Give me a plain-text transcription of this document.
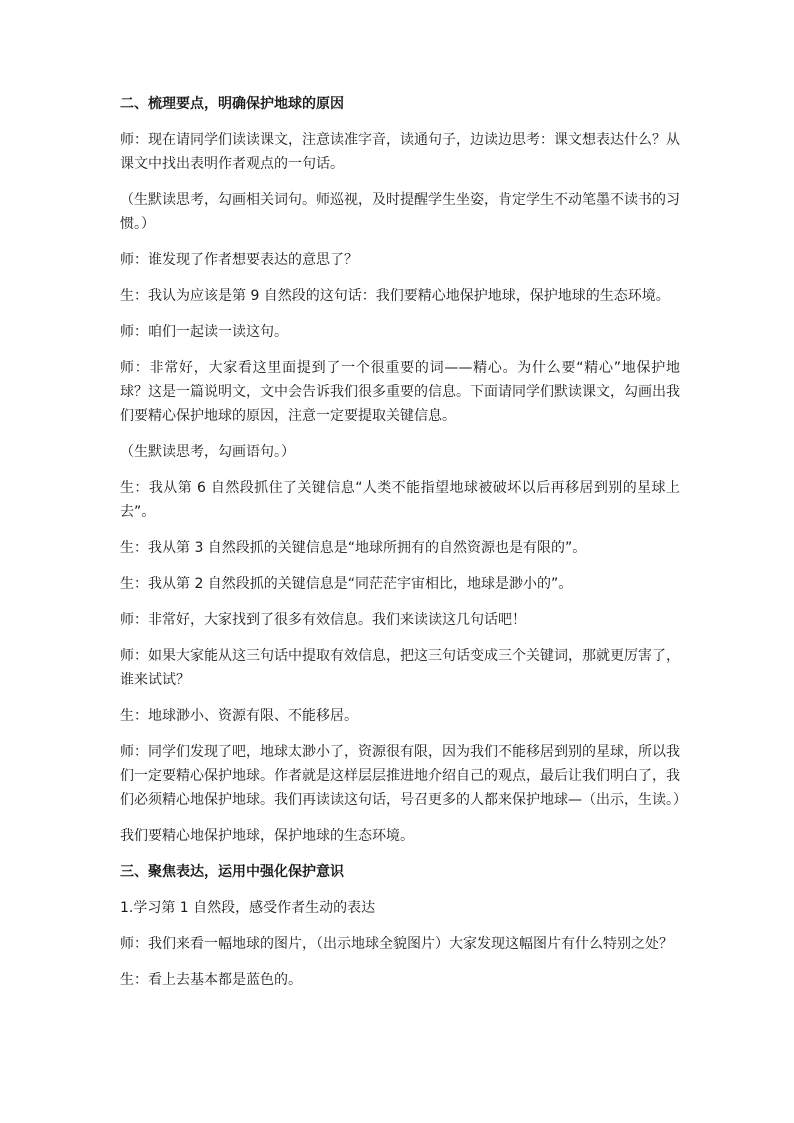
二、梳理要点，明确保护地球的原因

师：现在请同学们读读课文，注意读准字音，读通句子，边读边思考：课文想表达什么？从课文中找出表明作者观点的一句话。

（生默读思考，勾画相关词句。师巡视，及时提醒学生坐姿，肯定学生不动笔墨不读书的习惯。）

师：谁发现了作者想要表达的意思了？

生：我认为应该是第 9 自然段的这句话：我们要精心地保护地球，保护地球的生态环境。

师：咱们一起读一读这句。

师：非常好，大家看这里面提到了一个很重要的词——精心。为什么要“精心”地保护地球？这是一篇说明文，文中会告诉我们很多重要的信息。下面请同学们默读课文，勾画出我们要精心保护地球的原因，注意一定要提取关键信息。

（生默读思考，勾画语句。）

生：我从第 6 自然段抓住了关键信息“人类不能指望地球被破坏以后再移居到别的星球上去”。

生：我从第 3 自然段抓的关键信息是“地球所拥有的自然资源也是有限的”。

生：我从第 2 自然段抓的关键信息是“同茫茫宇宙相比，地球是渺小的”。

师：非常好，大家找到了很多有效信息。我们来读读这几句话吧！

师：如果大家能从这三句话中提取有效信息，把这三句话变成三个关键词，那就更厉害了，谁来试试？

生：地球渺小、资源有限、不能移居。

师：同学们发现了吧，地球太渺小了，资源很有限，因为我们不能移居到别的星球，所以我们一定要精心保护地球。作者就是这样层层推进地介绍自己的观点，最后让我们明白了，我们必须精心地保护地球。我们再读读这句话，号召更多的人都来保护地球—（出示，生读。）

我们要精心地保护地球，保护地球的生态环境。

三、聚焦表达，运用中强化保护意识

1.学习第 1 自然段，感受作者生动的表达

师：我们来看一幅地球的图片，（出示地球全貌图片）大家发现这幅图片有什么特别之处？

生：看上去基本都是蓝色的。
